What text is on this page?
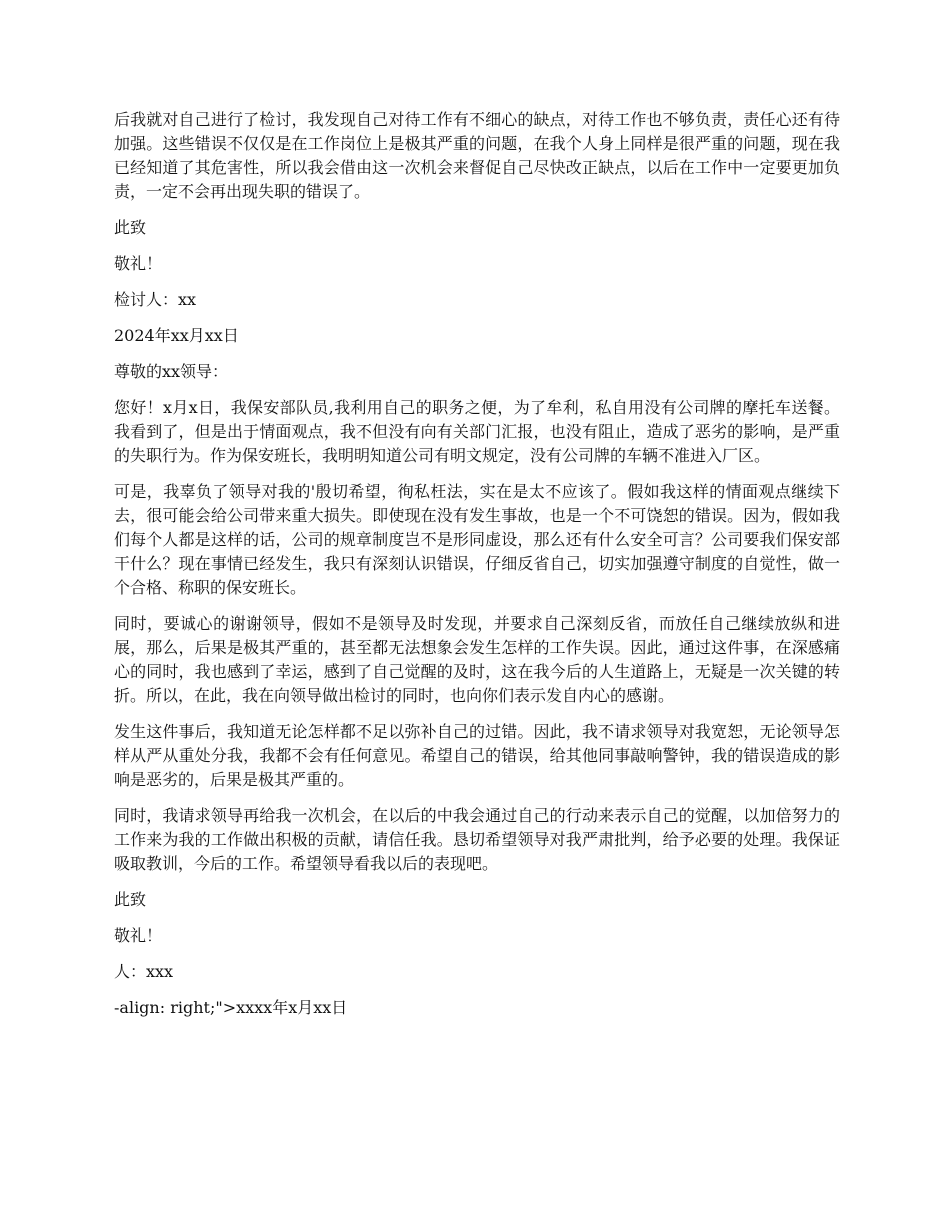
后我就对自己进行了检讨，我发现自己对待工作有不细心的缺点，对待工作也不够负责，责任心还有待加强。这些错误不仅仅是在工作岗位上是极其严重的问题，在我个人身上同样是很严重的问题，现在我已经知道了其危害性，所以我会借由这一次机会来督促自己尽快改正缺点，以后在工作中一定要更加负责，一定不会再出现失职的错误了。

此致

敬礼！

检讨人：xx

2024年xx月xx日

尊敬的xx领导：

您好！x月x日，我保安部队员,我利用自己的职务之便，为了牟利，私自用没有公司牌的摩托车送餐。我看到了，但是出于情面观点，我不但没有向有关部门汇报，也没有阻止，造成了恶劣的影响，是严重的失职行为。作为保安班长，我明明知道公司有明文规定，没有公司牌的车辆不准进入厂区。

可是，我辜负了领导对我的'殷切希望，徇私枉法，实在是太不应该了。假如我这样的情面观点继续下去，很可能会给公司带来重大损失。即使现在没有发生事故，也是一个不可饶恕的错误。因为，假如我们每个人都是这样的话，公司的规章制度岂不是形同虚设，那么还有什么安全可言？公司要我们保安部干什么？现在事情已经发生，我只有深刻认识错误，仔细反省自己，切实加强遵守制度的自觉性，做一个合格、称职的保安班长。

同时，要诚心的谢谢领导，假如不是领导及时发现，并要求自己深刻反省，而放任自己继续放纵和进展，那么，后果是极其严重的，甚至都无法想象会发生怎样的工作失误。因此，通过这件事，在深感痛心的同时，我也感到了幸运，感到了自己觉醒的及时，这在我今后的人生道路上，无疑是一次关键的转折。所以，在此，我在向领导做出检讨的同时，也向你们表示发自内心的感谢。

发生这件事后，我知道无论怎样都不足以弥补自己的过错。因此，我不请求领导对我宽恕，无论领导怎样从严从重处分我，我都不会有任何意见。希望自己的错误，给其他同事敲响警钟，我的错误造成的影响是恶劣的，后果是极其严重的。

同时，我请求领导再给我一次机会，在以后的中我会通过自己的行动来表示自己的觉醒，以加倍努力的工作来为我的工作做出积极的贡献，请信任我。恳切希望领导对我严肃批判，给予必要的处理。我保证吸取教训，今后的工作。希望领导看我以后的表现吧。

此致

敬礼！

人：xxx

-align: right;">xxxx年x月xx日
